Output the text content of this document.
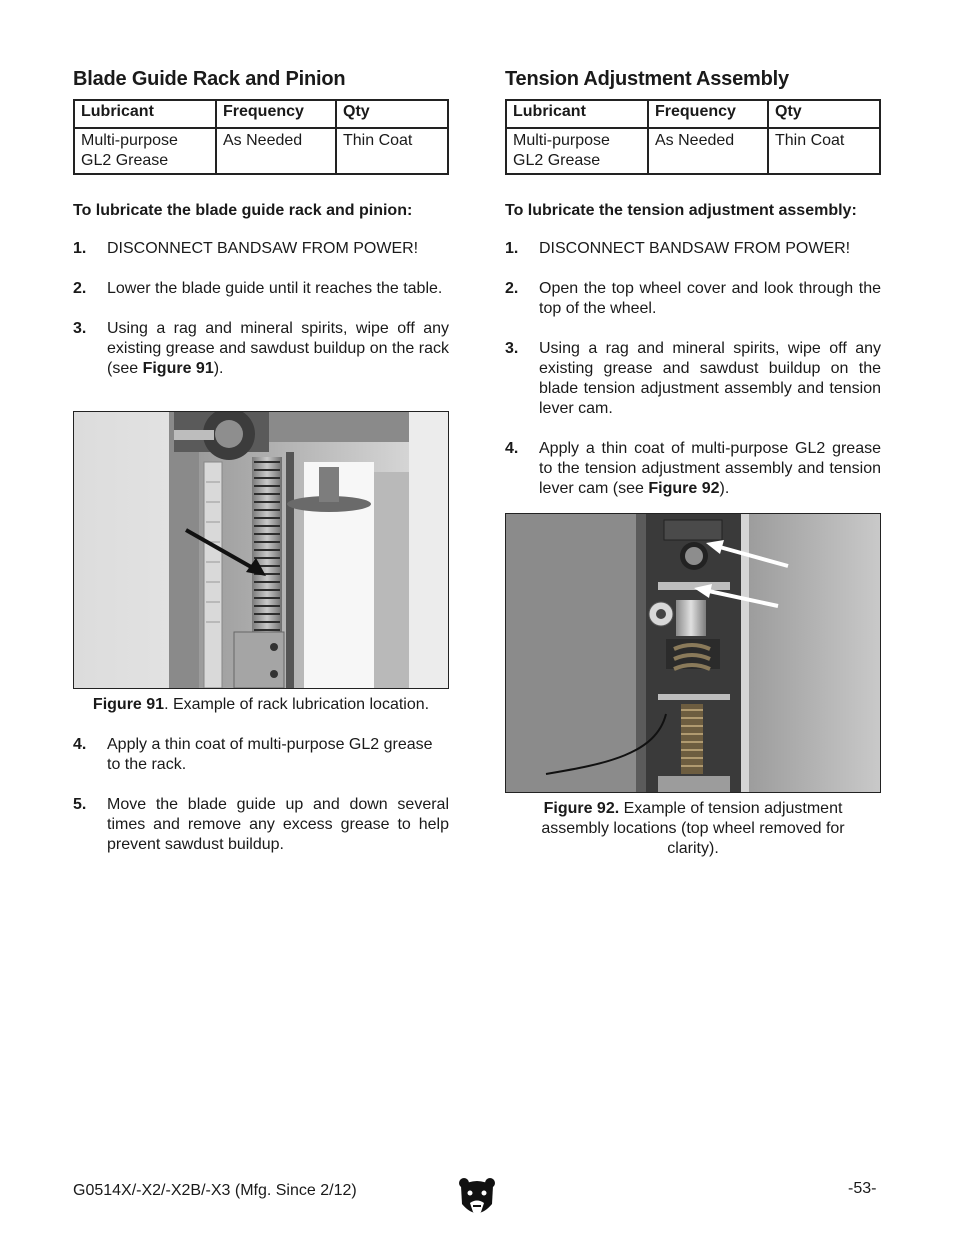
Blade Guide Rack and Pinion
Lubricant	Frequency	Qty
Multi-purpose GL2 Grease	As Needed	Thin Coat

To lubricate the blade guide rack and pinion:

1.	DISCONNECT BANDSAW FROM POWER!
2.	Lower the blade guide until it reaches the table.
3.	Using a rag and mineral spirits, wipe off any existing grease and sawdust buildup on the rack (see Figure 91).
Figure 91. Example of rack lubrication location.
4.	Apply a thin coat of multi-purpose GL2 grease to the rack.
5.	Move the blade guide up and down several times and remove any excess grease to help prevent sawdust buildup.
Tension Adjustment Assembly
Lubricant	Frequency	Qty
Multi-purpose GL2 Grease	As Needed	Thin Coat

To lubricate the tension adjustment assembly:

1.	DISCONNECT BANDSAW FROM POWER!
2.	Open the top wheel cover and look through the top of the wheel.
3.	Using a rag and mineral spirits, wipe off any existing grease and sawdust buildup on the blade tension adjustment assembly and tension lever cam.
4.	Apply a thin coat of multi-purpose GL2 grease to the tension adjustment assembly and tension lever cam (see Figure 92).
Figure 92. Example of tension adjustment assembly locations (top wheel removed for clarity).
G0514X/-X2/-X2B/-X3 (Mfg. Since 2/12)	-53-
